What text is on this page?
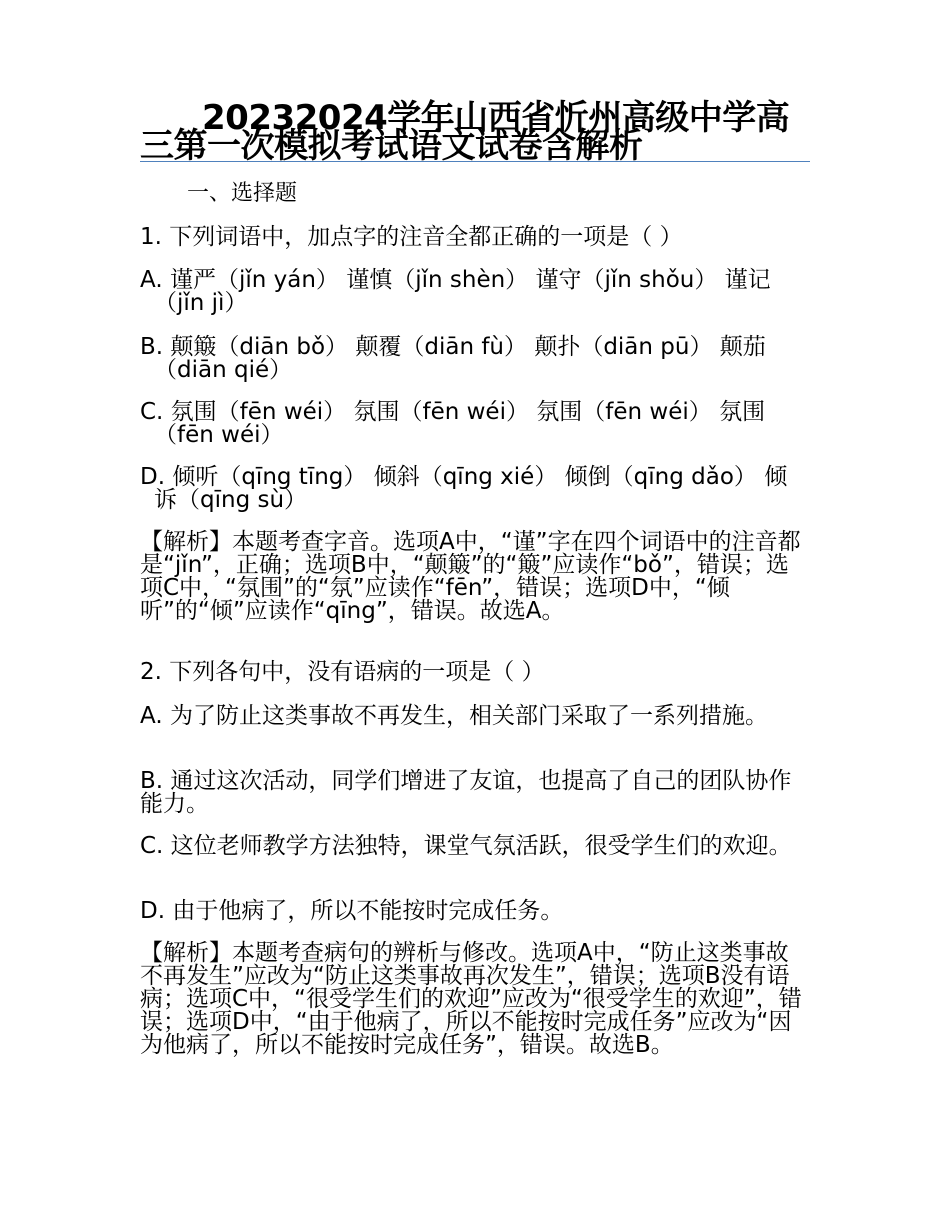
20232024学年山西省忻州高级中学高三第一次模拟考试语文试卷含解析

一、选择题

1. 下列词语中，加点字的注音全都正确的一项是（ ）

A. 谨严（jǐn yán） 谨慎（jǐn shèn） 谨守（jǐn shǒu） 谨记（jǐn jì）

B. 颠簸（diān bǒ） 颠覆（diān fù） 颠扑（diān pū） 颠茄（diān qié）

C. 氛围（fēn wéi） 氛围（fēn wéi） 氛围（fēn wéi） 氛围（fēn wéi）

D. 倾听（qīng tīng） 倾斜（qīng xié） 倾倒（qīng dǎo） 倾诉（qīng sù）

【解析】本题考查字音。选项A中，“谨”字在四个词语中的注音都是“jǐn”，正确；选项B中，“颠簸”的“簸”应读作“bǒ”，错误；选项C中，“氛围”的“氛”应读作“fēn”，错误；选项D中，“倾听”的“倾”应读作“qīng”，错误。故选A。

2. 下列各句中，没有语病的一项是（ ）

A. 为了防止这类事故不再发生，相关部门采取了一系列措施。

B. 通过这次活动，同学们增进了友谊，也提高了自己的团队协作能力。

C. 这位老师教学方法独特，课堂气氛活跃，很受学生们的欢迎。

D. 由于他病了，所以不能按时完成任务。

【解析】本题考查病句的辨析与修改。选项A中，“防止这类事故不再发生”应改为“防止这类事故再次发生”，错误；选项B没有语病；选项C中，“很受学生们的欢迎”应改为“很受学生的欢迎”，错误；选项D中，“由于他病了，所以不能按时完成任务”应改为“因为他病了，所以不能按时完成任务”，错误。故选B。
